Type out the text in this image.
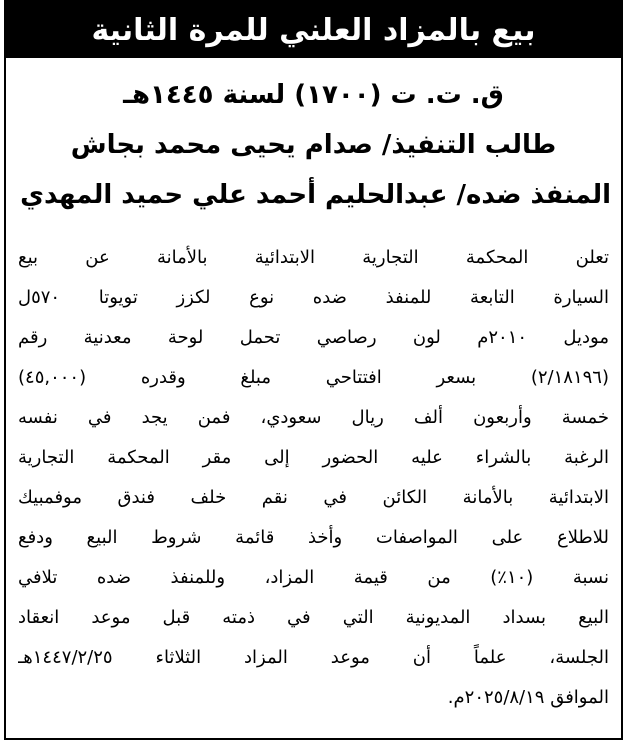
بيع بالمزاد العلني للمرة الثانية
ق. ت. ت (١٧٠٠) لسنة ١٤٤٥هـ
طالب التنفيذ/ صدام يحيى محمد بجاش
المنفذ ضده/ عبدالحليم أحمد علي حميد المهدي
تعلن المحكمة التجارية الابتدائية بالأمانة عن بيع
السيارة التابعة للمنفذ ضده نوع لكزز تويوتا ٥٧٠ل
موديل ٢٠١٠م لون رصاصي تحمل لوحة معدنية رقم
(٢/١٨١٩٦) بسعر افتتاحي مبلغ وقدره (٤٥,٠٠٠)
خمسة وأربعون ألف ريال سعودي، فمن يجد في نفسه
الرغبة بالشراء عليه الحضور إلى مقر المحكمة التجارية
الابتدائية بالأمانة الكائن في نقم خلف فندق موفمبيك
للاطلاع على المواصفات وأخذ قائمة شروط البيع ودفع
نسبة (١٠٪) من قيمة المزاد، وللمنفذ ضده تلافي
البيع بسداد المديونية التي في ذمته قبل موعد انعقاد
الجلسة، علماً أن موعد المزاد الثلاثاء ١٤٤٧/٢/٢٥هـ
الموافق ٢٠٢٥/٨/١٩م.
